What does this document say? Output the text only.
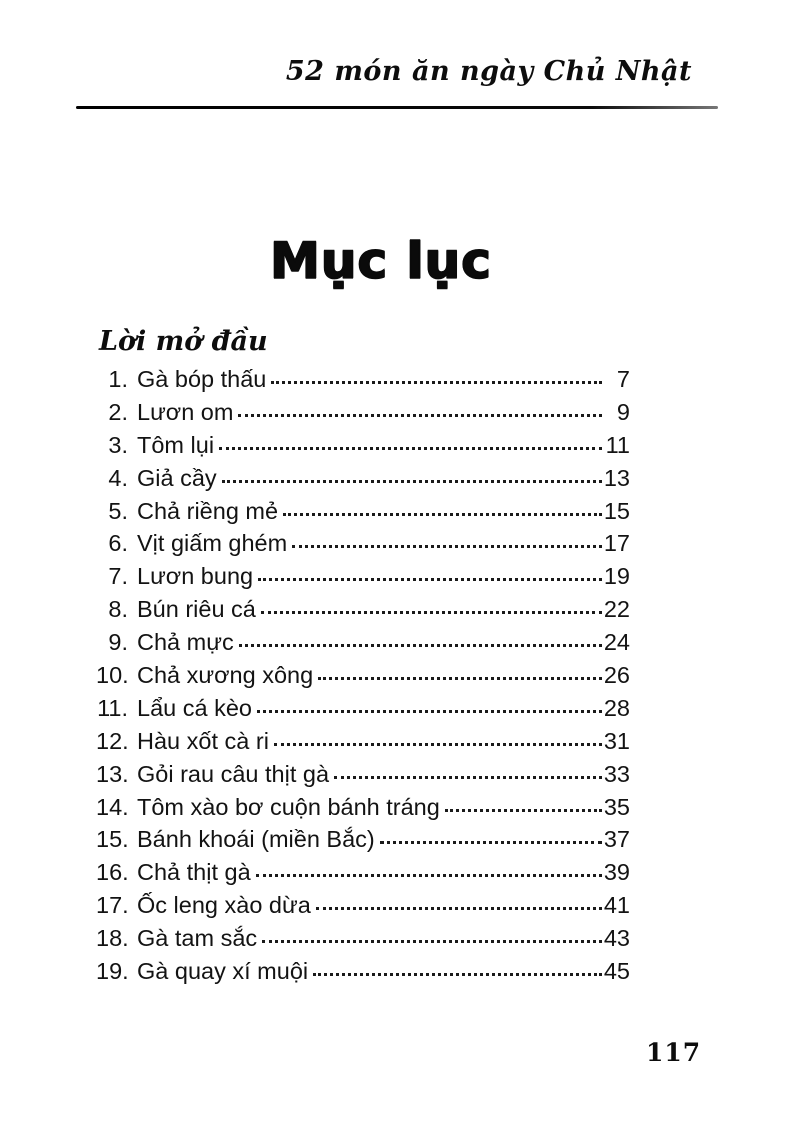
52 món ăn ngày Chủ Nhật
Mục lục
Lời mở đầu
1. Gà bóp thấu	7
2. Lươn om	9
3. Tôm lụi	11
4. Giả cầy	13
5. Chả riềng mẻ	15
6. Vịt giấm ghém	17
7. Lươn bung	19
8. Bún riêu cá	22
9. Chả mực	24
10. Chả xương xông	26
11. Lẩu cá kèo	28
12. Hàu xốt cà ri	31
13. Gỏi rau câu thịt gà	33
14. Tôm xào bơ cuộn bánh tráng	35
15. Bánh khoái (miền Bắc)	37
16. Chả thịt gà	39
17. Ốc leng xào dừa	41
18. Gà tam sắc	43
19. Gà quay xí muội	45
117
